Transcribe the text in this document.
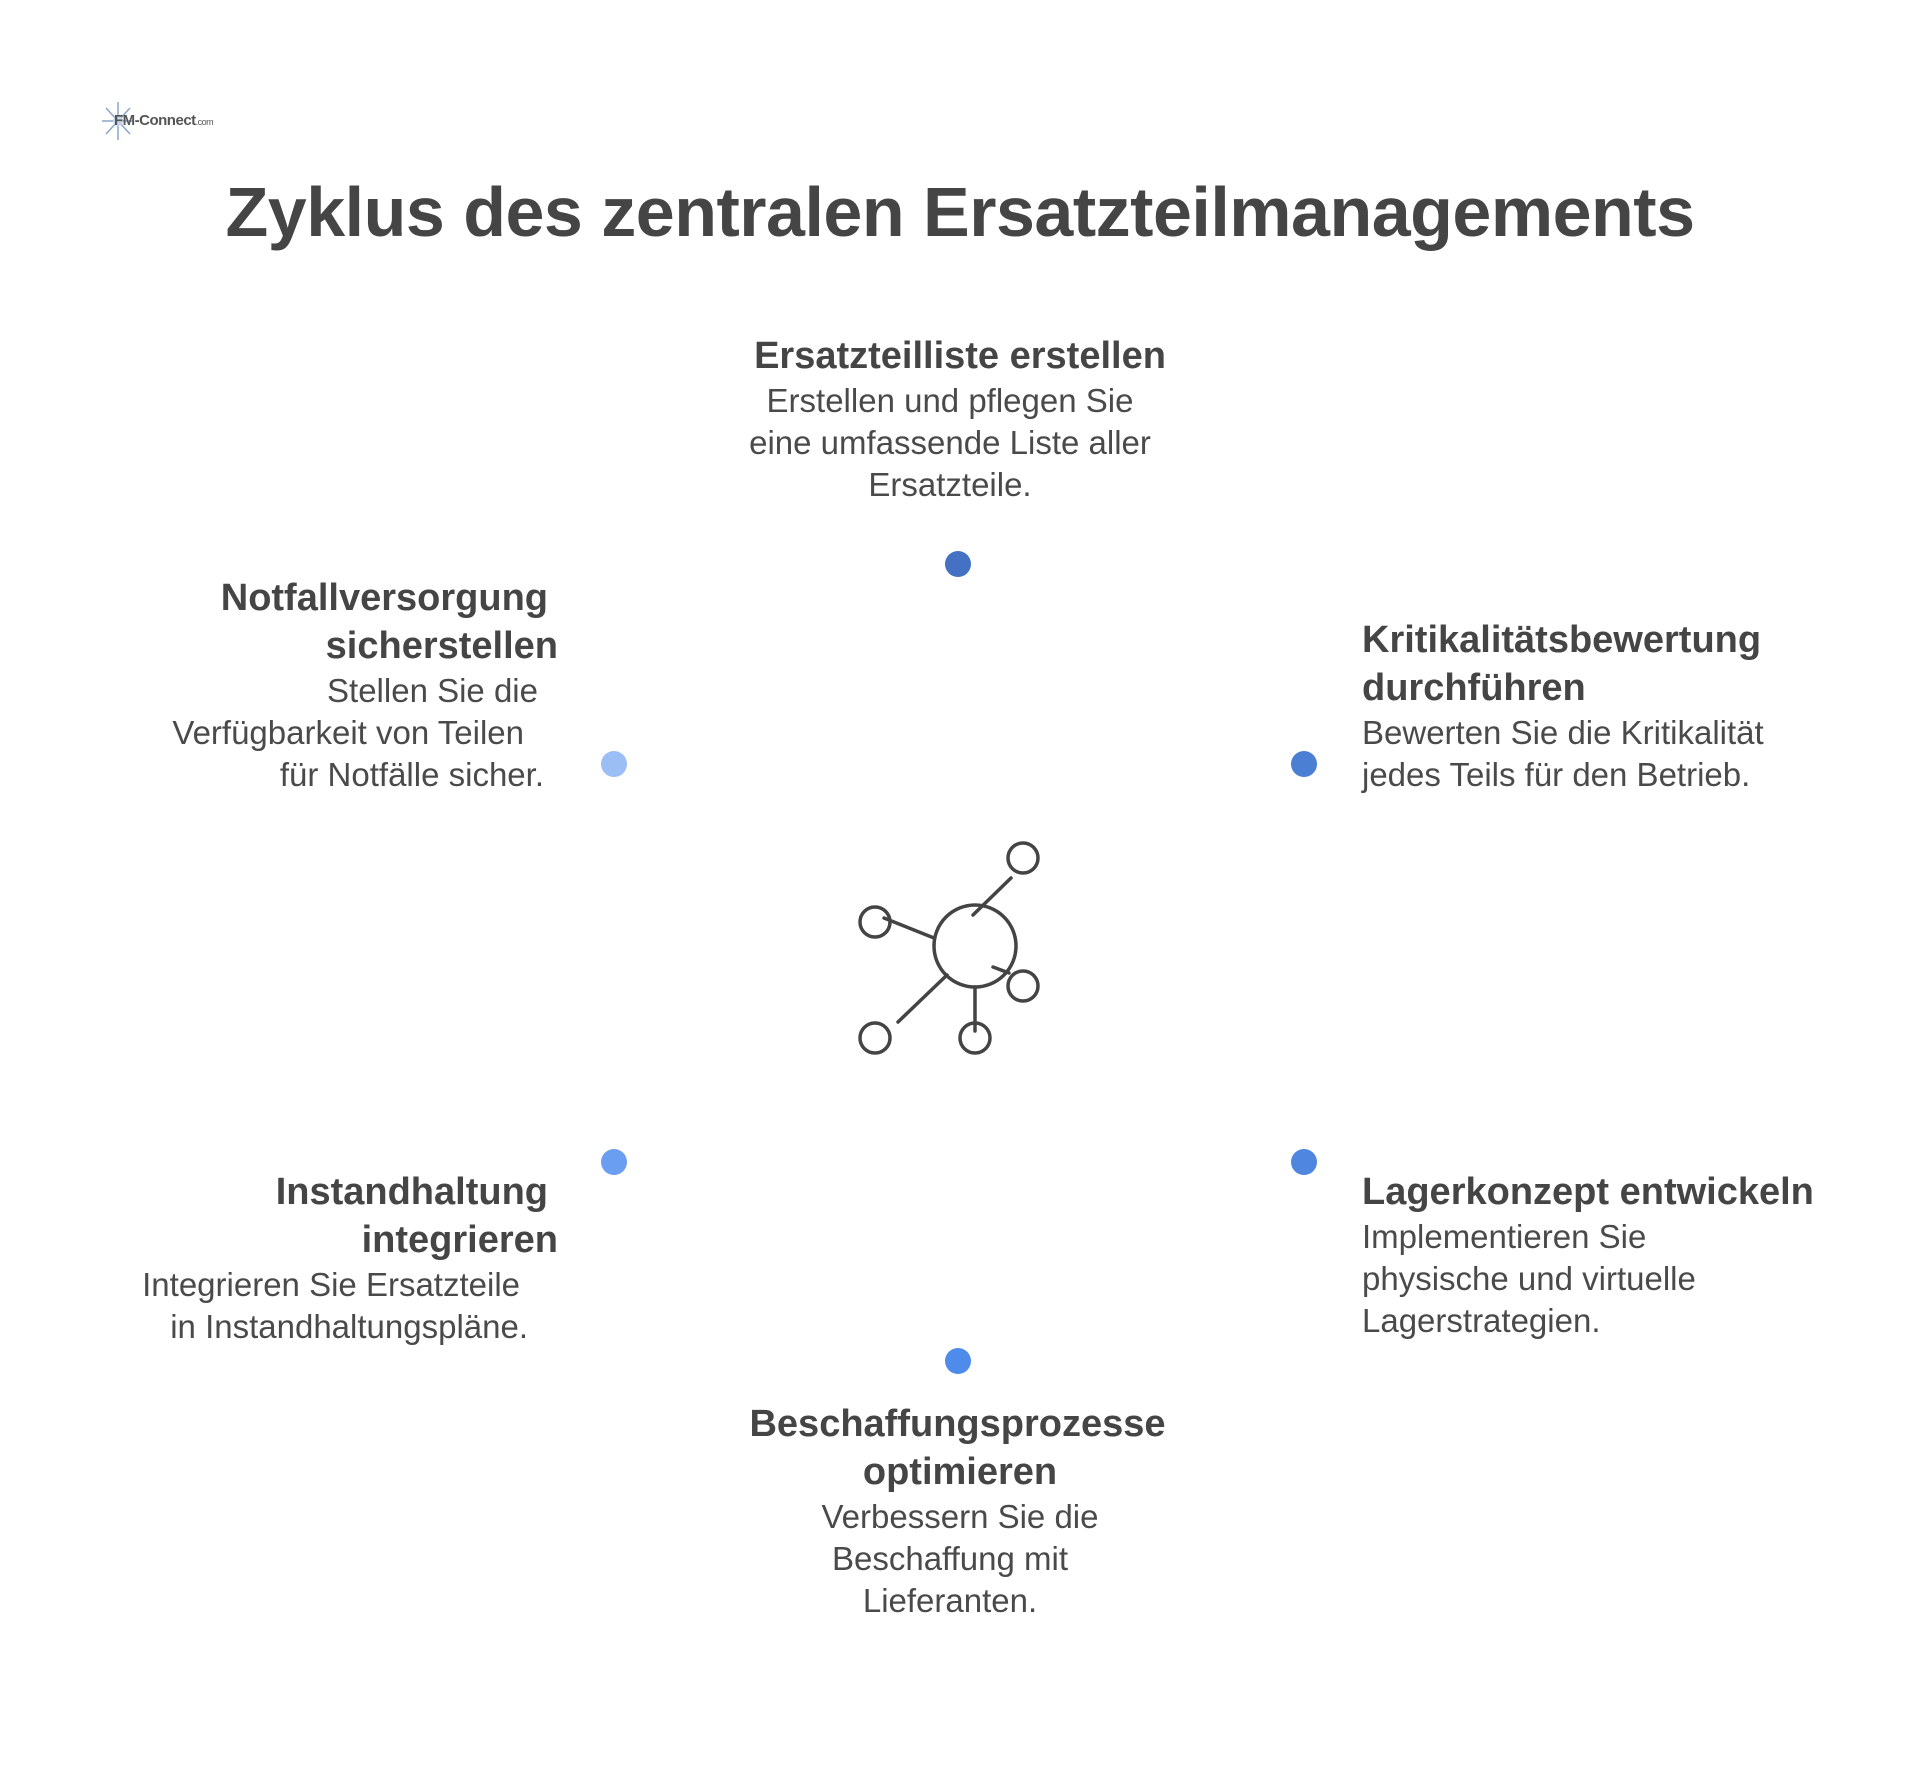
FM-Connect.com
Zyklus des zentralen Ersatzteilmanagements
Ersatzteilliste erstellen

Erstellen und pflegen Sie

eine umfassende Liste aller

Ersatzteile.

Kritikalitätsbewertung
durchführen

Bewerten Sie die Kritikalität

jedes Teils für den Betrieb.

Lagerkonzept entwickeln

Implementieren Sie

physische und virtuelle

Lagerstrategien.

Beschaffungsprozesse
optimieren

Verbessern Sie die

Beschaffung mit

Lieferanten.

Instandhaltung
integrieren

Integrieren Sie Ersatzteile

in Instandhaltungspläne.

Notfallversorgung
sicherstellen

Stellen Sie die

Verfügbarkeit von Teilen

für Notfälle sicher.
